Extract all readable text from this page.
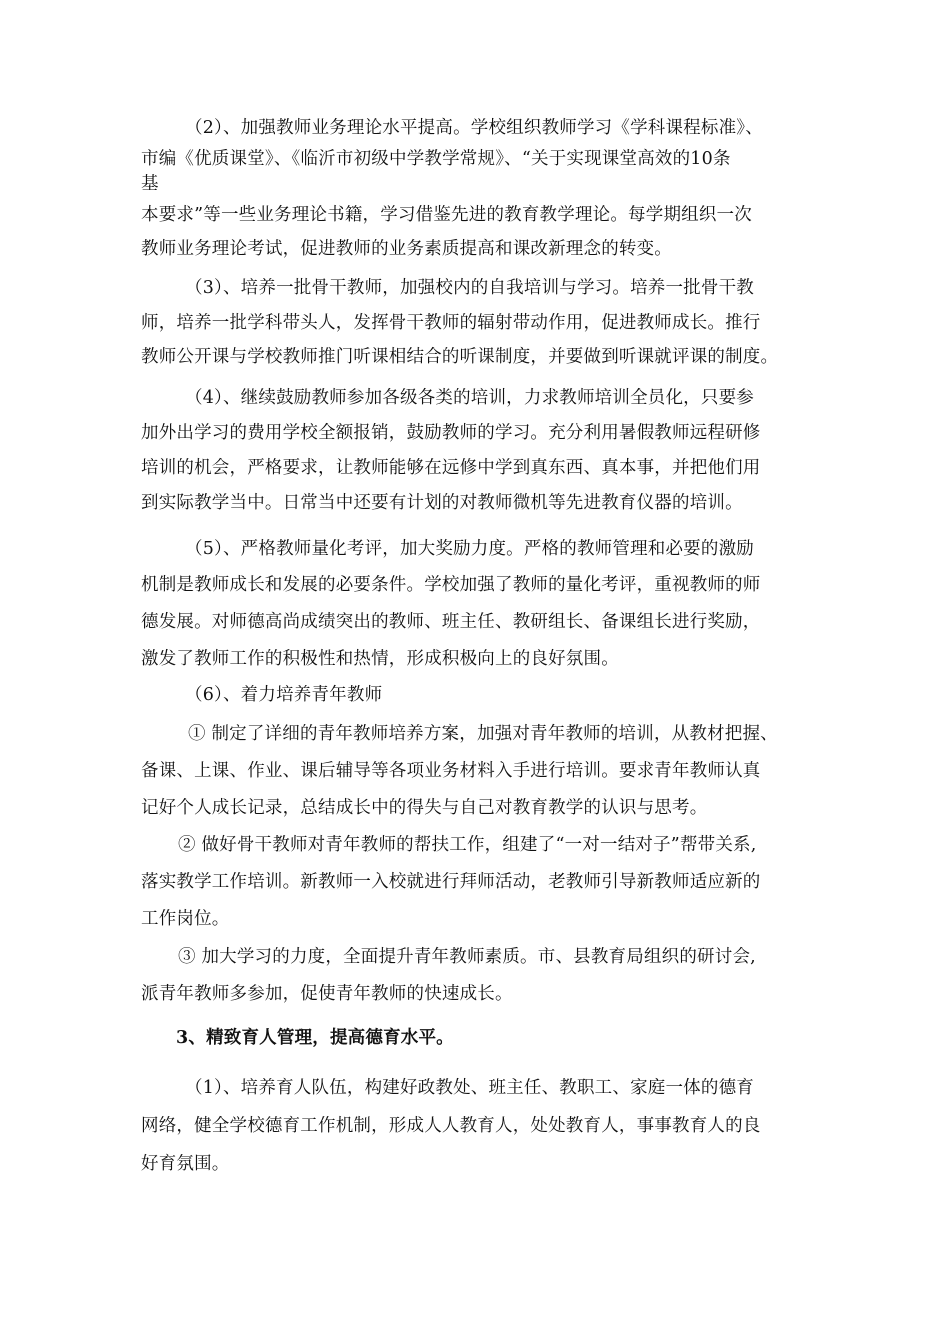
（2）、加强教师业务理论水平提高。学校组织教师学习《学科课程标准》、
市编《优质课堂》、《临沂市初级中学教学常规》、“关于实现课堂高效的10条
基
本要求”等一些业务理论书籍，学习借鉴先进的教育教学理论。每学期组织一次
教师业务理论考试，促进教师的业务素质提高和课改新理念的转变。
（3）、培养一批骨干教师，加强校内的自我培训与学习。培养一批骨干教
师，培养一批学科带头人，发挥骨干教师的辐射带动作用，促进教师成长。推行
教师公开课与学校教师推门听课相结合的听课制度，并要做到听课就评课的制度。
（4）、继续鼓励教师参加各级各类的培训，力求教师培训全员化，只要参
加外出学习的费用学校全额报销，鼓励教师的学习。充分利用暑假教师远程研修
培训的机会，严格要求，让教师能够在远修中学到真东西、真本事，并把他们用
到实际教学当中。日常当中还要有计划的对教师微机等先进教育仪器的培训。
（5）、严格教师量化考评，加大奖励力度。严格的教师管理和必要的激励
机制是教师成长和发展的必要条件。学校加强了教师的量化考评，重视教师的师
德发展。对师德高尚成绩突出的教师、班主任、教研组长、备课组长进行奖励，
激发了教师工作的积极性和热情，形成积极向上的良好氛围。
（6）、着力培养青年教师
① 制定了详细的青年教师培养方案，加强对青年教师的培训，从教材把握、
备课、上课、作业、课后辅导等各项业务材料入手进行培训。要求青年教师认真
记好个人成长记录，总结成长中的得失与自己对教育教学的认识与思考。
② 做好骨干教师对青年教师的帮扶工作，组建了“一对一结对子”帮带关系,
落实教学工作培训。新教师一入校就进行拜师活动，老教师引导新教师适应新的
工作岗位。
③ 加大学习的力度，全面提升青年教师素质。市、县教育局组织的研讨会,
派青年教师多参加，促使青年教师的快速成长。
3、精致育人管理，提高德育水平。
（1）、培养育人队伍，构建好政教处、班主任、教职工、家庭一体的德育
网络，健全学校德育工作机制，形成人人教育人，处处教育人，事事教育人的良
好育氛围。
